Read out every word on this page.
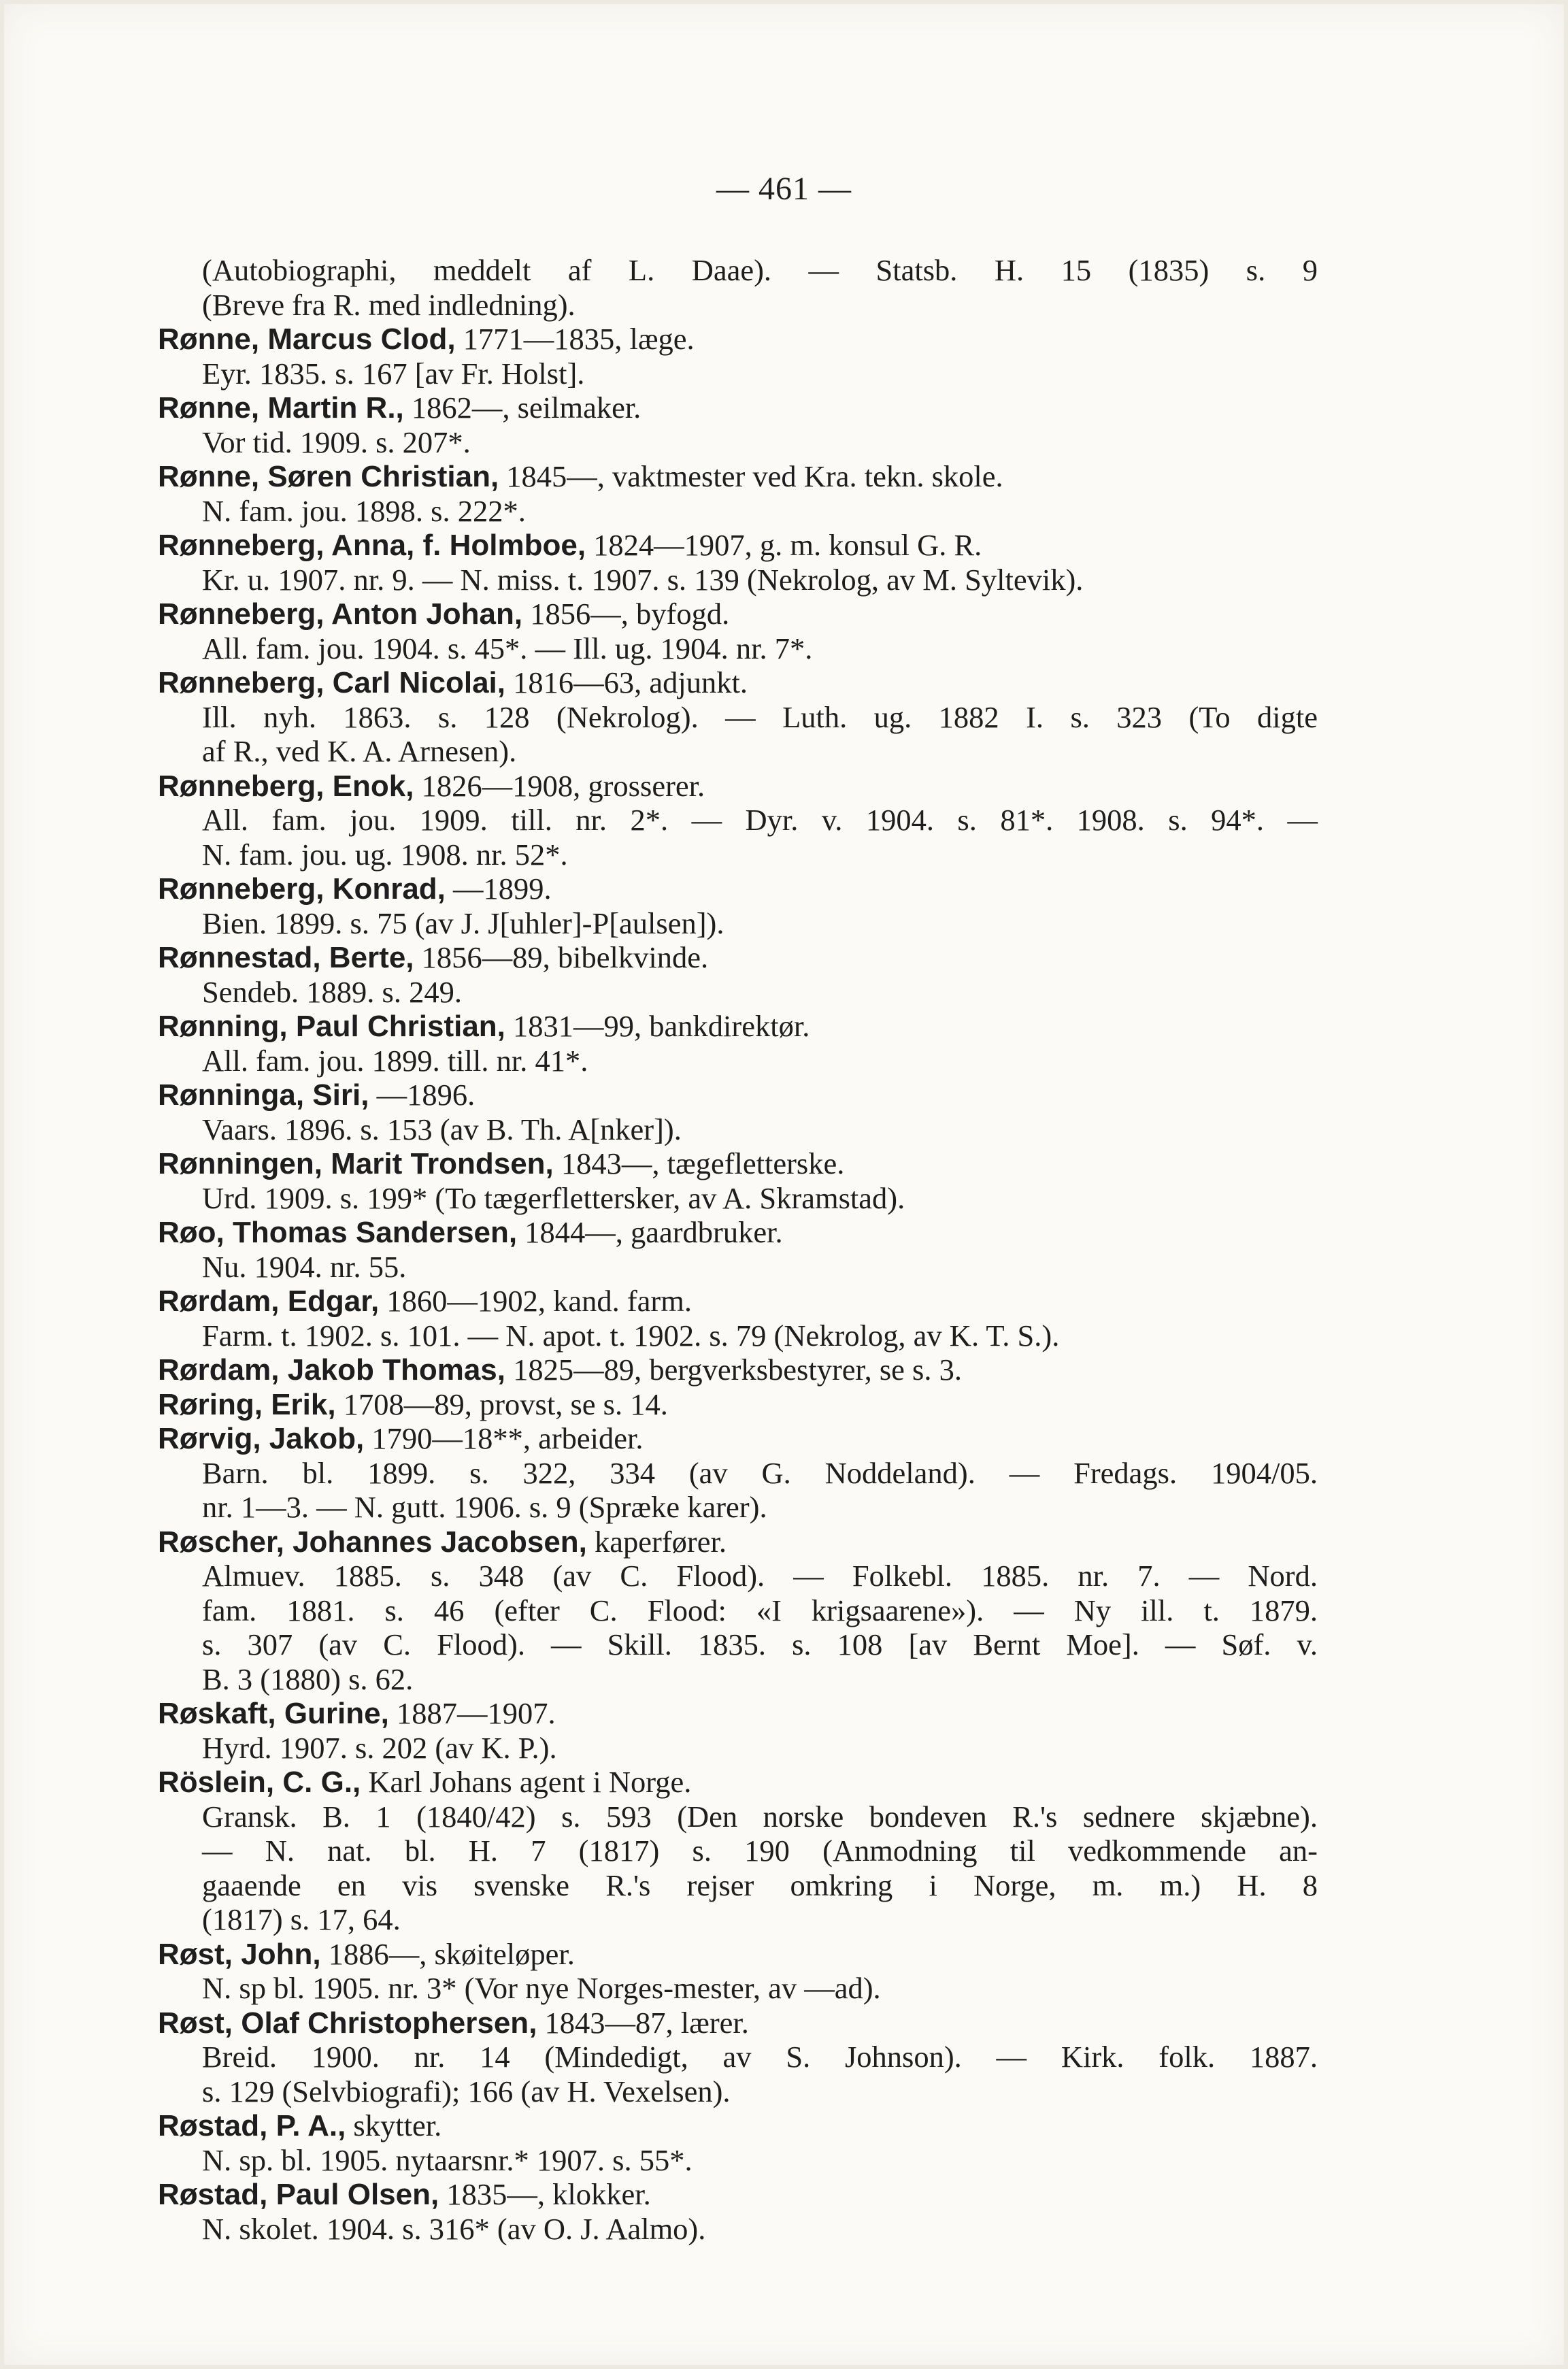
— 461 —
(Autobiographi, meddelt af L. Daae). — Statsb. H. 15 (1835) s. 9
(Breve fra R. med indledning).
Rønne, Marcus Clod, 1771—1835, læge.
Eyr. 1835. s. 167 [av Fr. Holst].
Rønne, Martin R., 1862—, seilmaker.
Vor tid. 1909. s. 207*.
Rønne, Søren Christian, 1845—, vaktmester ved Kra. tekn. skole.
N. fam. jou. 1898. s. 222*.
Rønneberg, Anna, f. Holmboe, 1824—1907, g. m. konsul G. R.
Kr. u. 1907. nr. 9. — N. miss. t. 1907. s. 139 (Nekrolog, av M. Syltevik).
Rønneberg, Anton Johan, 1856—, byfogd.
All. fam. jou. 1904. s. 45*. — Ill. ug. 1904. nr. 7*.
Rønneberg, Carl Nicolai, 1816—63, adjunkt.
Ill. nyh. 1863. s. 128 (Nekrolog). — Luth. ug. 1882 I. s. 323 (To digte
af R., ved K. A. Arnesen).
Rønneberg, Enok, 1826—1908, grosserer.
All. fam. jou. 1909. till. nr. 2*. — Dyr. v. 1904. s. 81*. 1908. s. 94*. —
N. fam. jou. ug. 1908. nr. 52*.
Rønneberg, Konrad, —1899.
Bien. 1899. s. 75 (av J. J[uhler]-P[aulsen]).
Rønnestad, Berte, 1856—89, bibelkvinde.
Sendeb. 1889. s. 249.
Rønning, Paul Christian, 1831—99, bankdirektør.
All. fam. jou. 1899. till. nr. 41*.
Rønninga, Siri, —1896.
Vaars. 1896. s. 153 (av B. Th. A[nker]).
Rønningen, Marit Trondsen, 1843—, tægefletterske.
Urd. 1909. s. 199* (To tægerflettersker, av A. Skramstad).
Røo, Thomas Sandersen, 1844—, gaardbruker.
Nu. 1904. nr. 55.
Rørdam, Edgar, 1860—1902, kand. farm.
Farm. t. 1902. s. 101. — N. apot. t. 1902. s. 79 (Nekrolog, av K. T. S.).
Rørdam, Jakob Thomas, 1825—89, bergverksbestyrer, se s. 3.
Røring, Erik, 1708—89, provst, se s. 14.
Rørvig, Jakob, 1790—18**, arbeider.
Barn. bl. 1899. s. 322, 334 (av G. Noddeland). — Fredags. 1904/05.
nr. 1—3. — N. gutt. 1906. s. 9 (Spræke karer).
Røscher, Johannes Jacobsen, kaperfører.
Almuev. 1885. s. 348 (av C. Flood). — Folkebl. 1885. nr. 7. — Nord.
fam. 1881. s. 46 (efter C. Flood: «I krigsaarene»). — Ny ill. t. 1879.
s. 307 (av C. Flood). — Skill. 1835. s. 108 [av Bernt Moe]. — Søf. v.
B. 3 (1880) s. 62.
Røskaft, Gurine, 1887—1907.
Hyrd. 1907. s. 202 (av K. P.).
Röslein, C. G., Karl Johans agent i Norge.
Gransk. B. 1 (1840/42) s. 593 (Den norske bondeven R.'s sednere skjæbne).
— N. nat. bl. H. 7 (1817) s. 190 (Anmodning til vedkommende an-
gaaende en vis svenske R.'s rejser omkring i Norge, m. m.) H. 8
(1817) s. 17, 64.
Røst, John, 1886—, skøiteløper.
N. sp bl. 1905. nr. 3* (Vor nye Norges-mester, av —ad).
Røst, Olaf Christophersen, 1843—87, lærer.
Breid. 1900. nr. 14 (Mindedigt, av S. Johnson). — Kirk. folk. 1887.
s. 129 (Selvbiografi); 166 (av H. Vexelsen).
Røstad, P. A., skytter.
N. sp. bl. 1905. nytaarsnr.* 1907. s. 55*.
Røstad, Paul Olsen, 1835—, klokker.
N. skolet. 1904. s. 316* (av O. J. Aalmo).
